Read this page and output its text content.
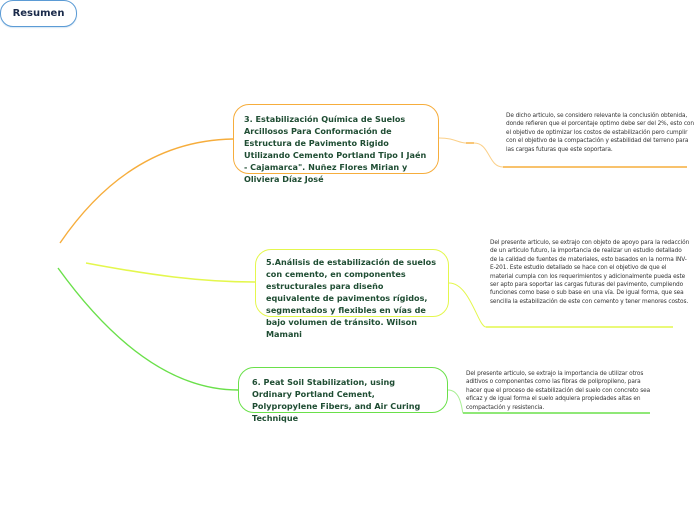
Resumen
3. Estabilización Química de Suelos Arcillosos Para Conformación de Estructura de Pavimento Rigido Utilizando Cemento Portland Tipo I Jaén - Cajamarca". Nuñez Flores Mirian y Oliviera Díaz José
De dicho articulo, se considero relevante la conclusión obtenida, donde refieren que el porcentaje optimo debe ser del 2%, esto con el objetivo de optimizar los costos de estabilización pero cumplir con el objetivo de la compactación y estabilidad del terreno para las cargas futuras que este soportara.
5.Análisis de estabilización de suelos con cemento, en componentes estructurales para diseño equivalente de pavimentos rígidos, segmentados y flexibles en vías de bajo volumen de tránsito. Wilson Mamani
Del presente articulo, se extrajo con objeto de apoyo para la redacción de un articulo futuro, la importancia de realizar un estudio detallado de la calidad de fuentes de materiales, esto basados en la norma INV-E-201. Este estudio detallado se hace con el objetivo de que el material cumpla con los requerimientos y adicionalmente pueda este ser apto para soportar las cargas futuras del pavimento, cumpliendo funciones como base o sub base en una vía. De igual forma, que sea sencilla la estabilización de este con cemento y tener menores costos.
6. Peat Soil Stabilization, using Ordinary Portland Cement, Polypropylene Fibers, and Air Curing Technique
Del presente articulo, se extrajo la importancia de utilizar otros aditivos o componentes como las fibras de polipropileno, para hacer que el proceso de estabilización del suelo con concreto sea eficaz y de igual forma el suelo adquiera propiedades altas en compactación y resistencia.
